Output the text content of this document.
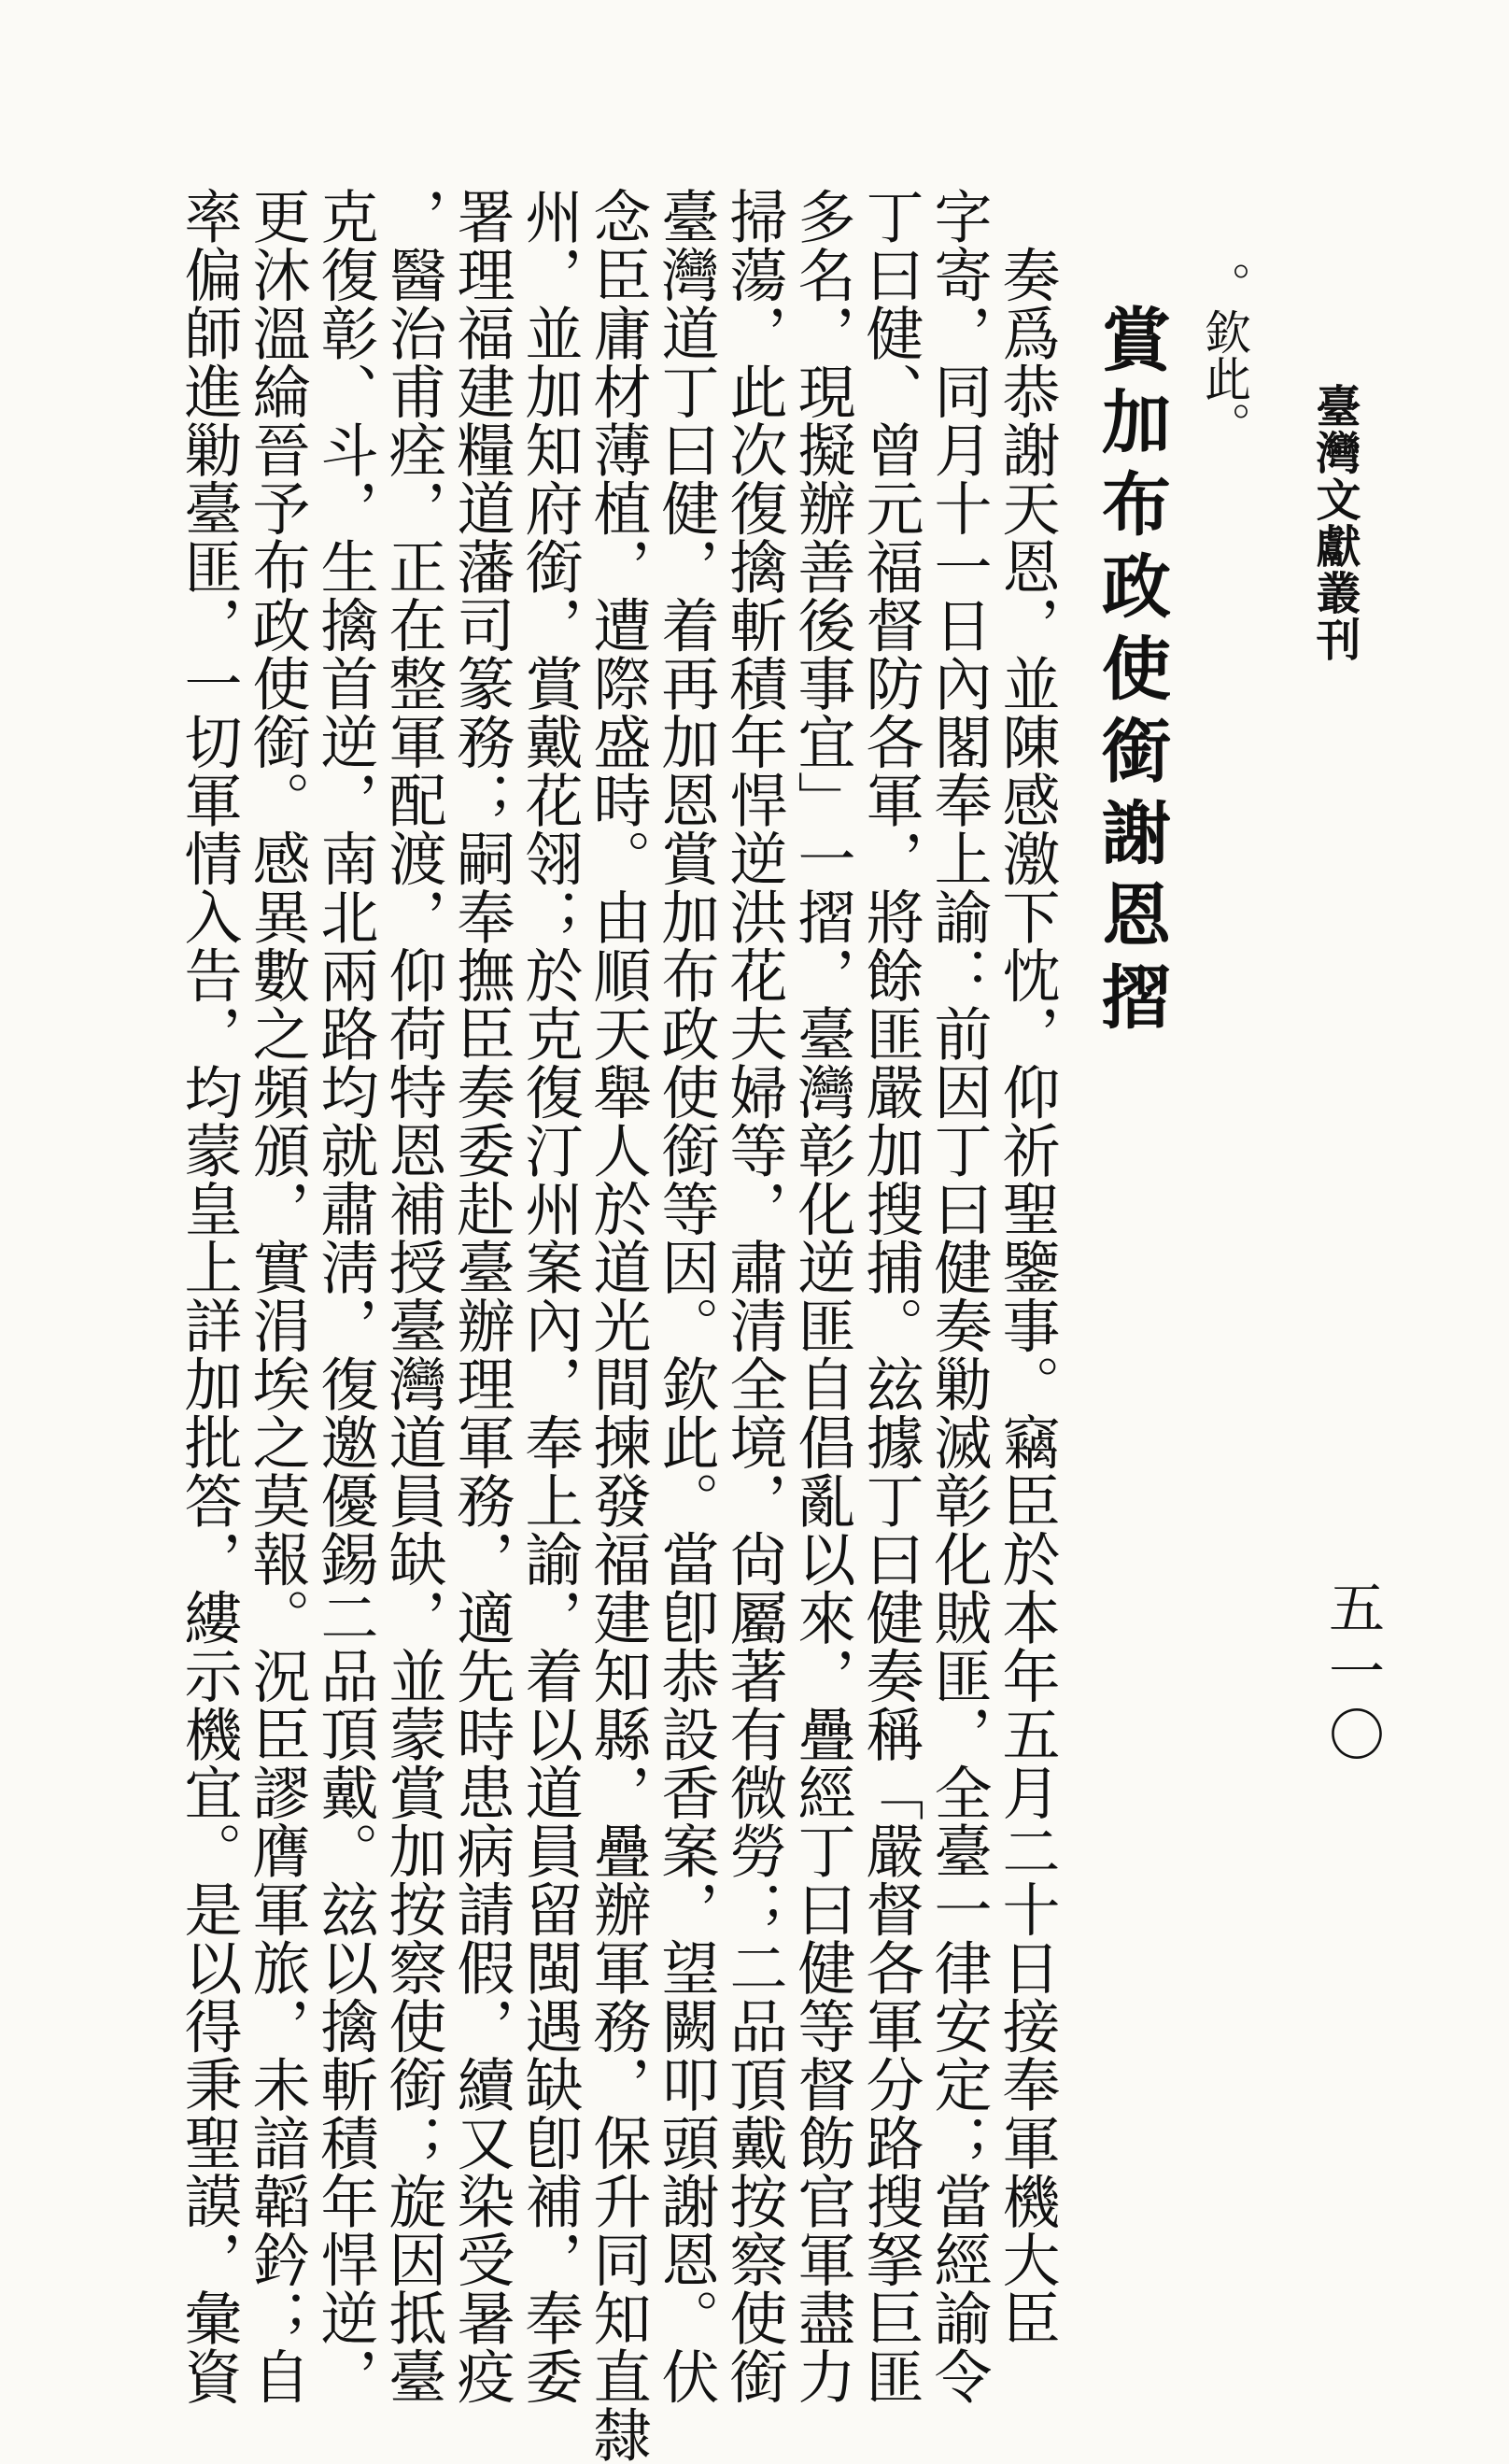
臺灣文獻叢刊
五一〇
。欽此。
賞加布政使銜謝恩摺
　奏爲恭謝天恩，並陳感激下忱，仰祈聖鑒事。竊臣於本年五月二十日接奉軍機大臣
字寄，同月十一日內閣奉上諭：前因丁曰健奏勦滅彰化賊匪，全臺一律安定；當經諭令
丁曰健、曾元福督防各軍，將餘匪嚴加搜捕。玆據丁曰健奏稱「嚴督各軍分路搜拏巨匪
多名，現擬辦善後事宜」一摺，臺灣彰化逆匪自倡亂以來，疊經丁曰健等督飭官軍盡力
掃蕩，此次復擒斬積年悍逆洪花夫婦等，肅清全境，尙屬著有微勞；二品頂戴按察使銜
臺灣道丁曰健，着再加恩賞加布政使銜等因。欽此。當卽恭設香案，望闕叩頭謝恩。伏
念臣庸材薄植，遭際盛時。由順天舉人於道光間揀發福建知縣，疊辦軍務，保升同知直隸
州，並加知府銜，賞戴花翎；於克復汀州案內，奉上諭，着以道員留閩遇缺卽補，奉委
署理福建糧道藩司篆務；嗣奉撫臣奏委赴臺辦理軍務，適先時患病請假，續又染受暑疫
，醫治甫痊，正在整軍配渡，仰荷特恩補授臺灣道員缺，並蒙賞加按察使銜；旋因抵臺
克復彰、斗，生擒首逆，南北兩路均就肅淸，復邀優錫二品頂戴。玆以擒斬積年悍逆，
更沐溫綸晉予布政使銜。感異數之頻頒，實涓埃之莫報。況臣謬膺軍旅，未諳韜鈐；自
率偏師進勦臺匪，一切軍情入告，均蒙皇上詳加批答，縷示機宜。是以得秉聖謨，彙資
